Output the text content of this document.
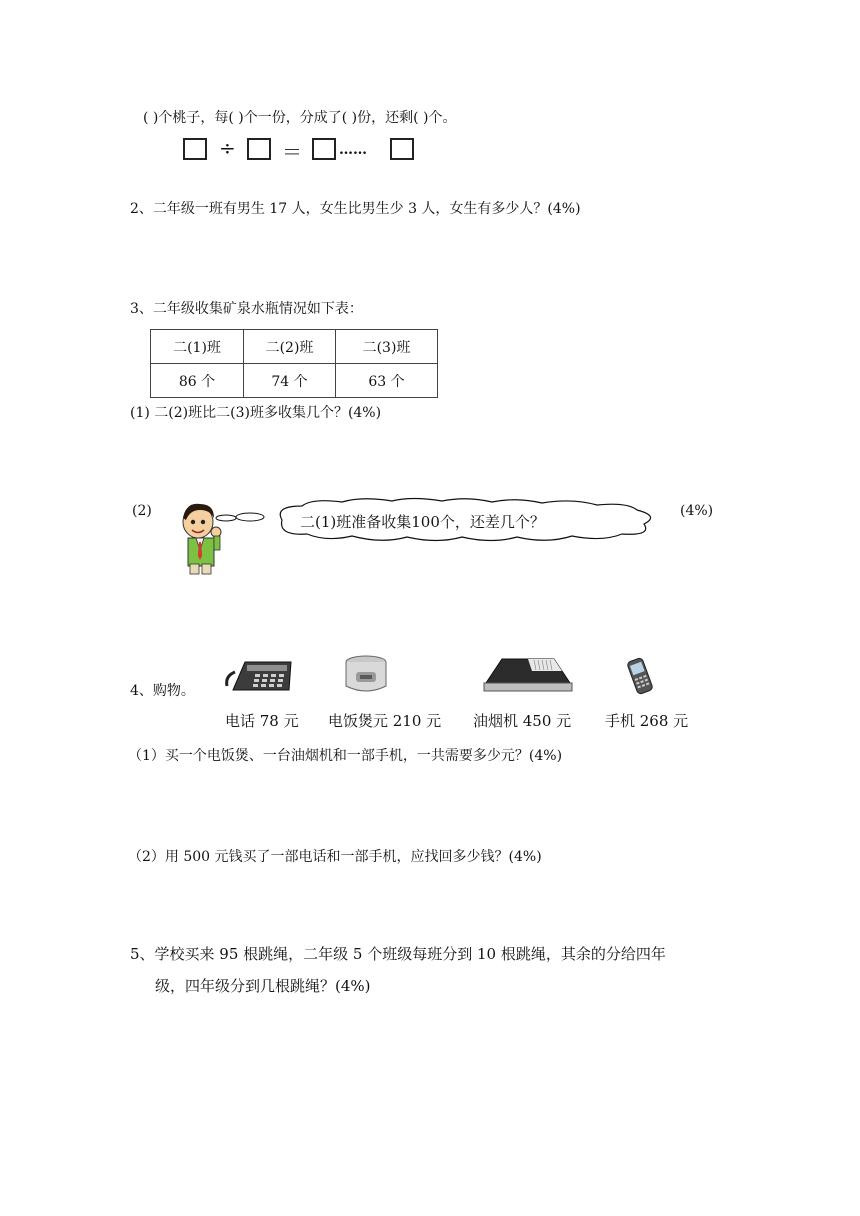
( )个桃子，每( )个一份，分成了( )份，还剩( )个。
÷ ＝	……
2、二年级一班有男生 17 人，女生比男生少 3 人，女生有多少人？(4%)
3、二年级收集矿泉水瓶情况如下表：
二(1)班	二(2)班	二(3)班
86 个	74 个	63 个
(1) 二(2)班比二(3)班多收集几个？(4%)
(2)
二(1)班准备收集100个，还差几个？
(4%)
4、购物。
电话 78 元 电饭煲元 210 元 油烟机 450 元 手机 268 元
（1）买一个电饭煲、一台油烟机和一部手机，一共需要多少元？(4%)
（2）用 500 元钱买了一部电话和一部手机，应找回多少钱？(4%)
5、学校买来 95 根跳绳，二年级 5 个班级每班分到 10 根跳绳，其余的分给四年
级，四年级分到几根跳绳？(4%)
